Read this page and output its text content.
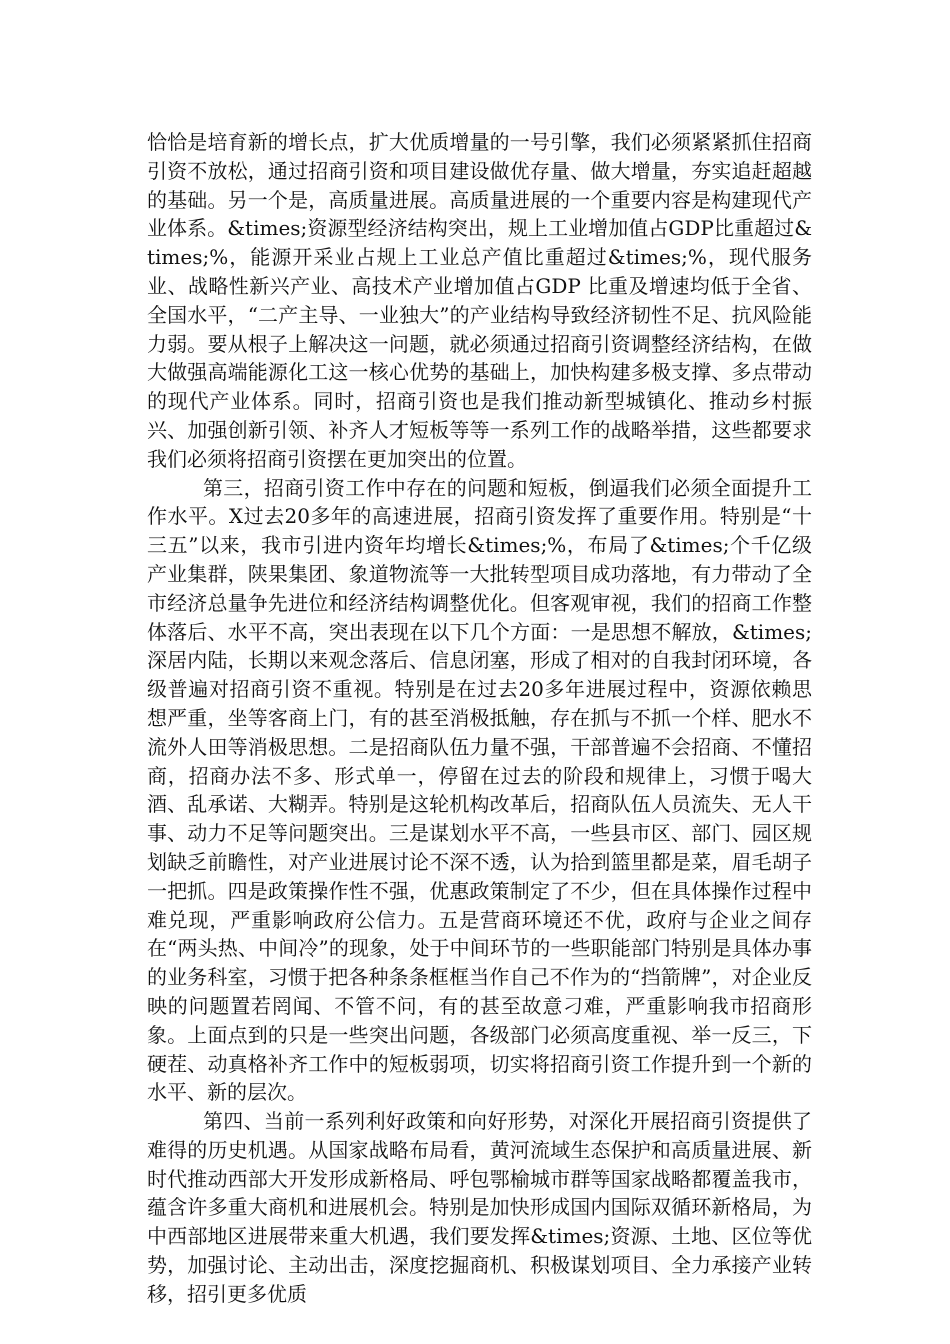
恰恰是培育新的增长点，扩大优质增量的一号引擎，我们必须紧紧抓住招商引资不放松，通过招商引资和项目建设做优存量、做大增量，夯实追赶超越的基础。另一个是，高质量进展。高质量进展的一个重要内容是构建现代产业体系。&times;资源型经济结构突出，规上工业增加值占GDP比重超过&times;%，能源开采业占规上工业总产值比重超过&times;%，现代服务业、战略性新兴产业、高技术产业增加值占GDP 比重及增速均低于全省、全国水平，“二产主导、一业独大”的产业结构导致经济韧性不足、抗风险能力弱。要从根子上解决这一问题，就必须通过招商引资调整经济结构，在做大做强高端能源化工这一核心优势的基础上，加快构建多极支撑、多点带动的现代产业体系。同时，招商引资也是我们推动新型城镇化、推动乡村振兴、加强创新引领、补齐人才短板等等一系列工作的战略举措，这些都要求我们必须将招商引资摆在更加突出的位置。

第三，招商引资工作中存在的问题和短板，倒逼我们必须全面提升工作水平。X过去20多年的高速进展，招商引资发挥了重要作用。特别是“十三五”以来，我市引进内资年均增长&times;%，布局了&times;个千亿级产业集群，陕果集团、象道物流等一大批转型项目成功落地，有力带动了全市经济总量争先进位和经济结构调整优化。但客观审视，我们的招商工作整体落后、水平不高，突出表现在以下几个方面：一是思想不解放，&times;深居内陆，长期以来观念落后、信息闭塞，形成了相对的自我封闭环境，各级普遍对招商引资不重视。特别是在过去20多年进展过程中，资源依赖思想严重，坐等客商上门，有的甚至消极抵触，存在抓与不抓一个样、肥水不流外人田等消极思想。二是招商队伍力量不强，干部普遍不会招商、不懂招商，招商办法不多、形式单一，停留在过去的阶段和规律上，习惯于喝大酒、乱承诺、大糊弄。特别是这轮机构改革后，招商队伍人员流失、无人干事、动力不足等问题突出。三是谋划水平不高，一些县市区、部门、园区规划缺乏前瞻性，对产业进展讨论不深不透，认为拾到篮里都是菜，眉毛胡子一把抓。四是政策操作性不强，优惠政策制定了不少，但在具体操作过程中难兑现，严重影响政府公信力。五是营商环境还不优，政府与企业之间存在“两头热、中间冷”的现象，处于中间环节的一些职能部门特别是具体办事的业务科室，习惯于把各种条条框框当作自己不作为的“挡箭牌”，对企业反映的问题置若罔闻、不管不问，有的甚至故意刁难，严重影响我市招商形象。上面点到的只是一些突出问题，各级部门必须高度重视、举一反三，下硬茬、动真格补齐工作中的短板弱项，切实将招商引资工作提升到一个新的水平、新的层次。

第四、当前一系列利好政策和向好形势，对深化开展招商引资提供了难得的历史机遇。从国家战略布局看，黄河流域生态保护和高质量进展、新时代推动西部大开发形成新格局、呼包鄂榆城市群等国家战略都覆盖我市，蕴含许多重大商机和进展机会。特别是加快形成国内国际双循环新格局，为中西部地区进展带来重大机遇，我们要发挥&times;资源、土地、区位等优势，加强讨论、主动出击，深度挖掘商机、积极谋划项目、全力承接产业转移，招引更多优质
